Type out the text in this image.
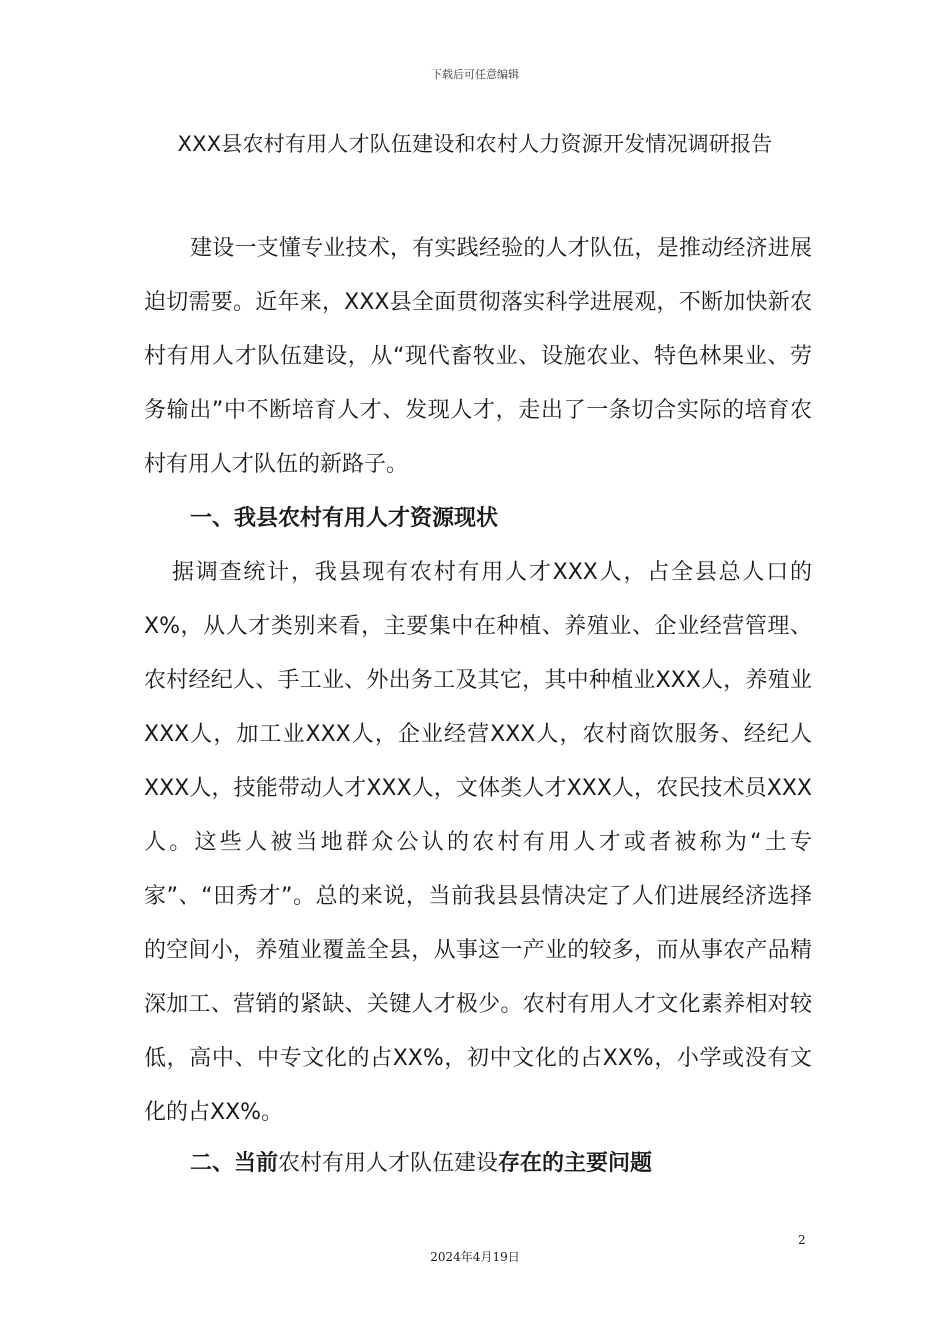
下载后可任意编辑
XXX县农村有用人才队伍建设和农村人力资源开发情况调研报告
建设一支懂专业技术，有实践经验的人才队伍，是推动经济进展迫切需要。近年来，XXX县全面贯彻落实科学进展观，不断加快新农村有用人才队伍建设，从“现代畜牧业、设施农业、特色林果业、劳务输出”中不断培育人才、发现人才，走出了一条切合实际的培育农村有用人才队伍的新路子。
一、我县农村有用人才资源现状
据调查统计，我县现有农村有用人才XXX人，占全县总人口的X%，从人才类别来看，主要集中在种植、养殖业、企业经营管理、农村经纪人、手工业、外出务工及其它，其中种植业XXX人，养殖业XXX人，加工业XXX人，企业经营XXX人，农村商饮服务、经纪人XXX人，技能带动人才XXX人，文体类人才XXX人，农民技术员XXX人。这些人被当地群众公认的农村有用人才或者被称为“土专家”、“田秀才”。总的来说，当前我县县情决定了人们进展经济选择的空间小，养殖业覆盖全县，从事这一产业的较多，而从事农产品精深加工、营销的紧缺、关键人才极少。农村有用人才文化素养相对较低，高中、中专文化的占XX%，初中文化的占XX%，小学或没有文化的占XX%。
二、当前农村有用人才队伍建设存在的主要问题
2
2024年4月19日
